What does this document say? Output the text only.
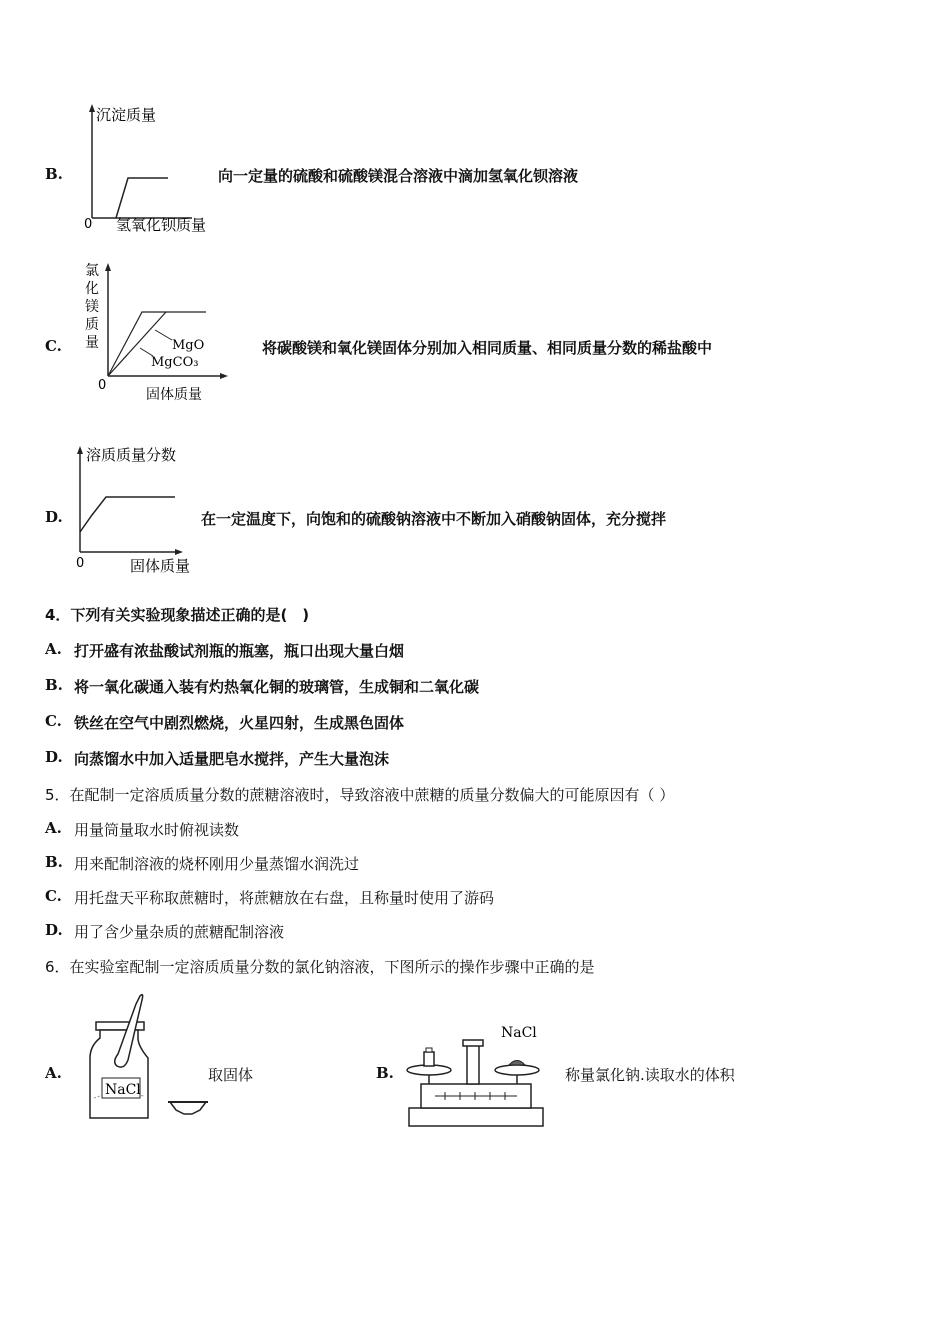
B.
沉淀质量
0 氢氧化钡质量
向一定量的硫酸和硫酸镁混合溶液中滴加氢氧化钡溶液
C.
氯
化
镁
质
量	MgO
MgCO₃
0
固体质量
将碳酸镁和氧化镁固体分别加入相同质量、相同质量分数的稀盐酸中
D.
溶质质量分数
0	固体质量
在一定温度下，向饱和的硫酸钠溶液中不断加入硝酸钠固体，充分搅拌
4．下列有关实验现象描述正确的是(　)
A. 打开盛有浓盐酸试剂瓶的瓶塞，瓶口出现大量白烟
B. 将一氧化碳通入装有灼热氧化铜的玻璃管，生成铜和二氧化碳
C. 铁丝在空气中剧烈燃烧，火星四射，生成黑色固体
D. 向蒸馏水中加入适量肥皂水搅拌，产生大量泡沫
5．在配制一定溶质质量分数的蔗糖溶液时，导致溶液中蔗糖的质量分数偏大的可能原因有（ ）
A. 用量筒量取水时俯视读数
B. 用来配制溶液的烧杯刚用少量蒸馏水润洗过
C. 用托盘天平称取蔗糖时，将蔗糖放在右盘，且称量时使用了游码
D. 用了含少量杂质的蔗糖配制溶液
6．在实验室配制一定溶质质量分数的氯化钠溶液，下图所示的操作步骤中正确的是
A.
NaCl
取固体	B.
NaCl
称量氯化钠.读取水的体积
